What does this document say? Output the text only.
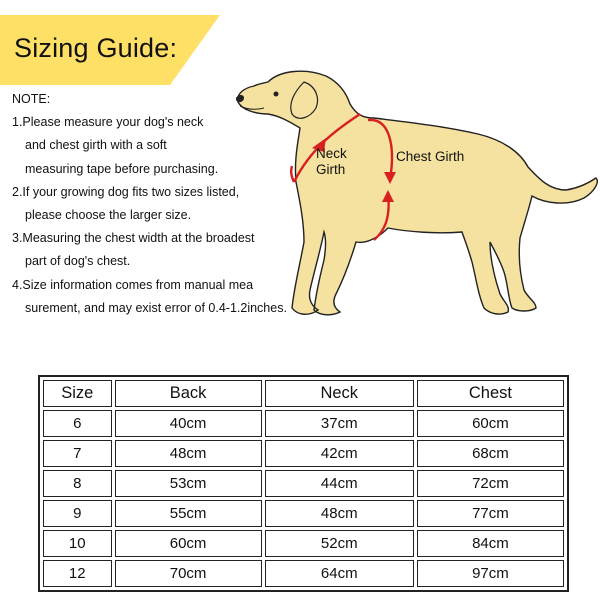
Sizing Guide:
NOTE:
1.Please measure your dog's neck
and chest girth with a soft
measuring tape before purchasing.
2.If your growing dog fits two sizes listed,
please choose the larger size.
3.Measuring the chest width at the broadest
part of dog's chest.
4.Size information comes from manual mea
surement, and may exist error of 0.4-1.2inches.
Neck
Girth
Chest Girth
Size	Back	Neck	Chest
6	40cm	37cm	60cm
7	48cm	42cm	68cm
8	53cm	44cm	72cm
9	55cm	48cm	77cm
10	60cm	52cm	84cm
12	70cm	64cm	97cm
